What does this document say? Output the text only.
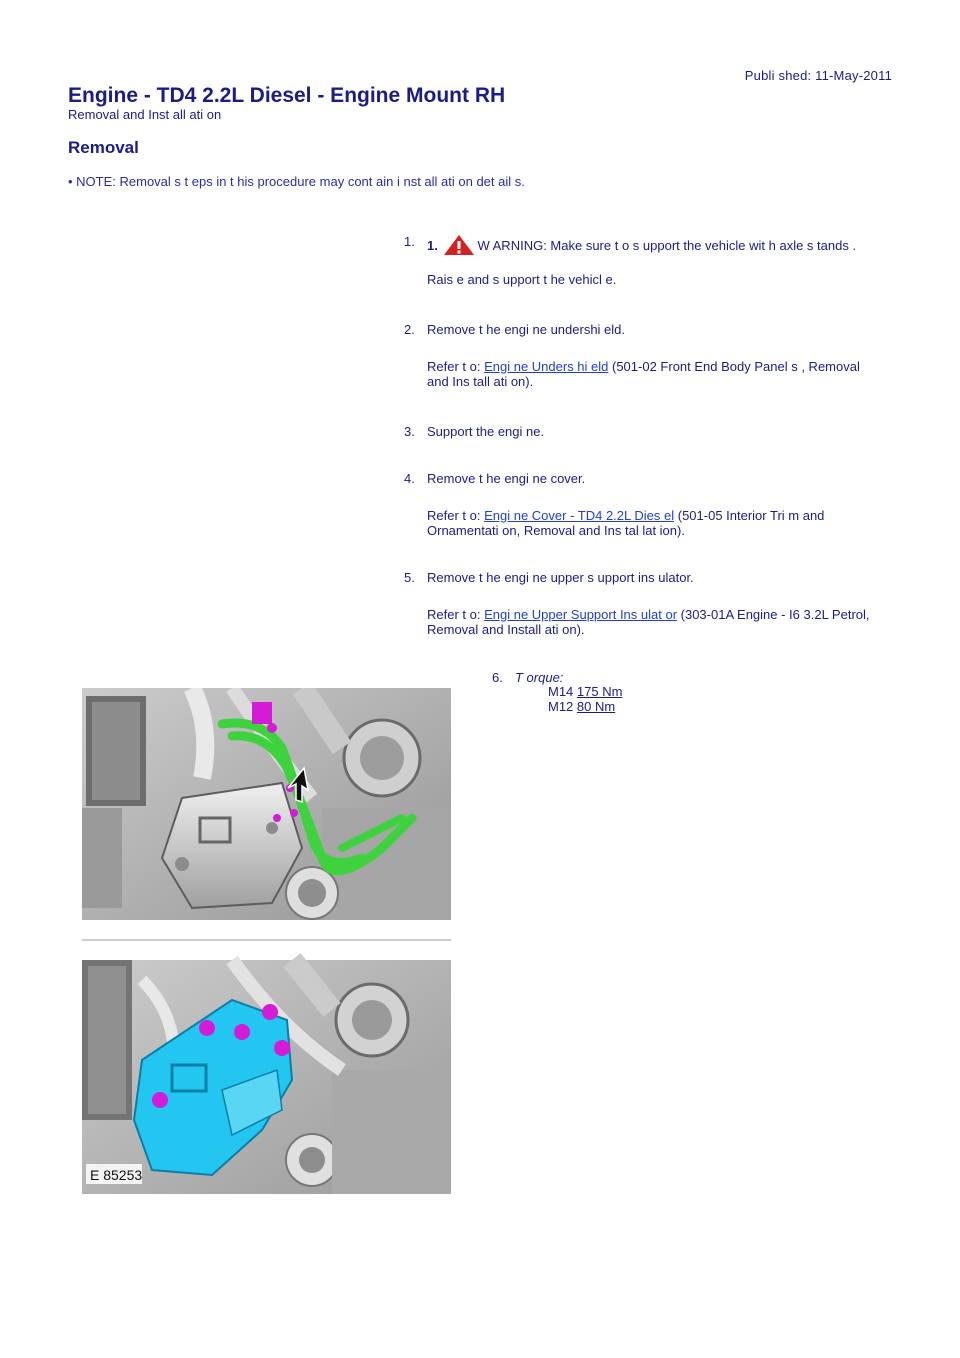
Publi shed: 11-May-2011
Engine - TD4 2.2L Diesel - Engine Mount RH
Removal and Inst all ati on
Removal
• NOTE: Removal s t eps in t his procedure may cont ain i nst all ati on det ail s.
1. 1.	W ARNING: Make sure t o s upport the vehicle wit h axle s tands .

Rais e and s upport t he vehicl e.

2. Remove t he engi ne undershi eld.

Refer t o: Engi ne Unders hi eld (501-02 Front End Body Panel s , Removal and Ins tall ati on).

3. Support the engi ne.

4. Remove t he engi ne cover.

Refer t o: Engi ne Cover - TD4 2.2L Dies el (501-05 Interior Tri m and Ornamentati on, Removal and Ins tal lat ion).

5. Remove t he engi ne upper s upport ins ulator.

Refer t o: Engi ne Upper Support Ins ulat or (303-01A Engine - I6 3.2L Petrol, Removal and Install ati on).

6. T orque:
M14 175 Nm
M12 80 Nm
E 85253
